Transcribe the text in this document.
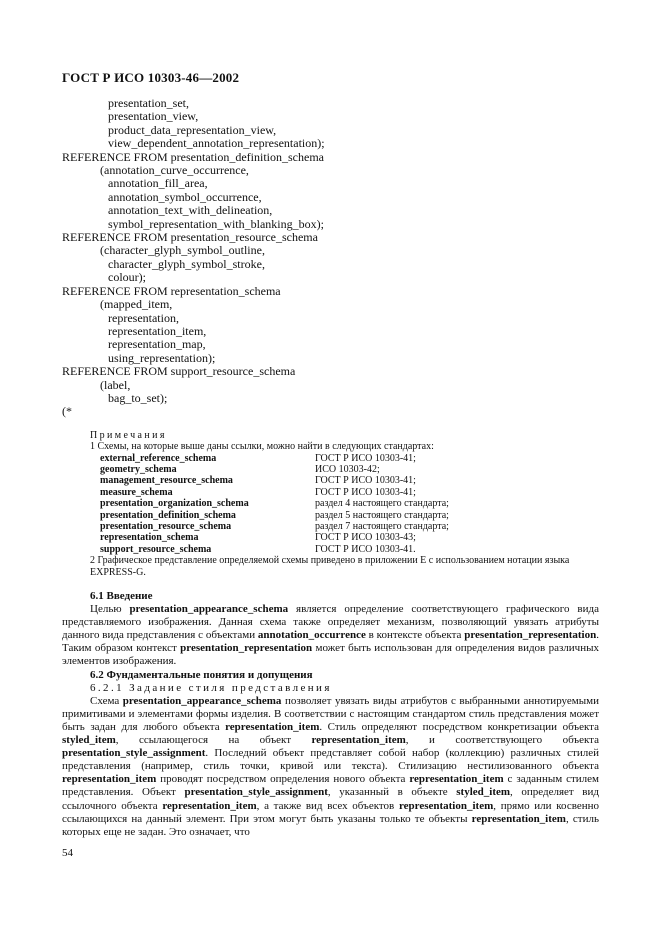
ГОСТ Р ИСО 10303-46—2002
presentation_set,
presentation_view,
product_data_representation_view,
view_dependent_annotation_representation);
REFERENCE FROM presentation_definition_schema
(annotation_curve_occurrence,
annotation_fill_area,
annotation_symbol_occurrence,
annotation_text_with_delineation,
symbol_representation_with_blanking_box);
REFERENCE FROM presentation_resource_schema
(character_glyph_symbol_outline,
character_glyph_symbol_stroke,
colour);
REFERENCE FROM representation_schema
(mapped_item,
representation,
representation_item,
representation_map,
using_representation);
REFERENCE FROM support_resource_schema
(label,
bag_to_set);
(*
Примечания
1 Схемы, на которые выше даны ссылки, можно найти в следующих стандартах:
external_reference_schema	ГОСТ Р ИСО 10303-41;
geometry_schema	ИСО 10303-42;
management_resource_schema	ГОСТ Р ИСО 10303-41;
measure_schema	ГОСТ Р ИСО 10303-41;
presentation_organization_schema	раздел 4 настоящего стандарта;
presentation_definition_schema	раздел 5 настоящего стандарта;
presentation_resource_schema	раздел 7 настоящего стандарта;
representation_schema	ГОСТ Р ИСО 10303-43;
support_resource_schema	ГОСТ Р ИСО 10303-41.
2 Графическое представление определяемой схемы приведено в приложении Е с использованием нотации языка EXPRESS-G.
6.1 Введение

Целью presentation_appearance_schema является определение соответствующего графического вида представляемого изображения. Данная схема также определяет механизм, позволяющий увязать атрибуты данного вида представления с объектами annotation_occurrence в контексте объекта presentation_representation. Таким образом контекст presentation_representation может быть использован для определения видов различных элементов изображения.

6.2 Фундаментальные понятия и допущения
6.2.1 Задание стиля представления

Схема presentation_appearance_schema позволяет увязать виды атрибутов с выбранными аннотируемыми примитивами и элементами формы изделия. В соответствии с настоящим стандартом стиль представления может быть задан для любого объекта representation_item. Стиль определяют посредством конкретизации объекта styled_item, ссылающегося на объект representation_item, и соответствующего объекта presentation_style_assignment. Последний объект представляет собой набор (коллекцию) различных стилей представления (например, стиль точки, кривой или текста). Стилизацию нестилизованного объекта representation_item проводят посредством определения нового объекта representation_item с заданным стилем представления. Объект presentation_style_assignment, указанный в объекте styled_item, определяет вид ссылочного объекта representation_item, а также вид всех объектов representation_item, прямо или косвенно ссылающихся на данный элемент. При этом могут быть указаны только те объекты representation_item, стиль которых еще не задан. Это означает, что

54
